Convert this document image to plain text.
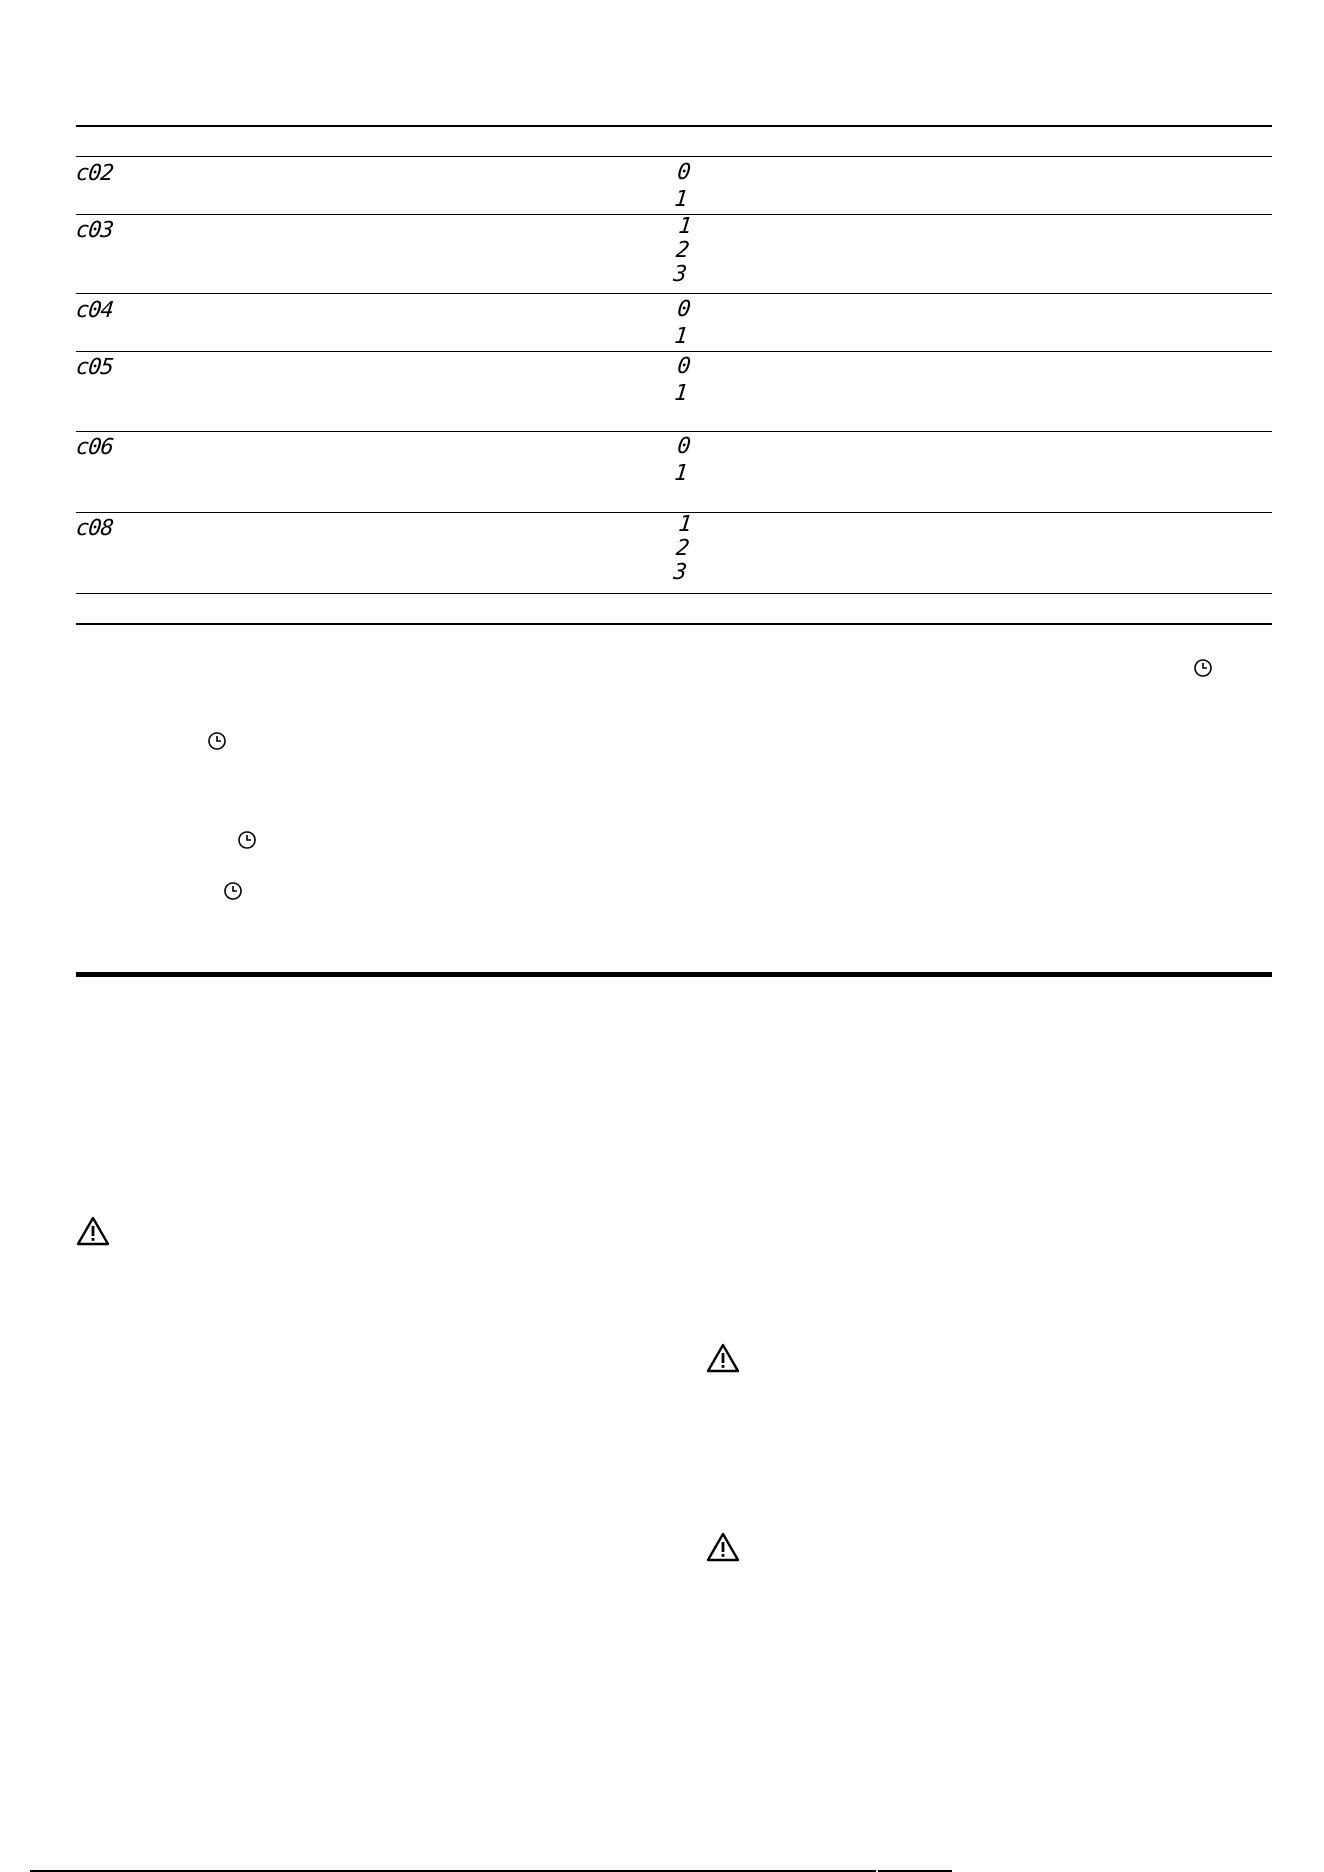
c02
c03
c04
c05
c06
c08
0
1
1
2
3
0
1
0
1
0
1
1
2
3
